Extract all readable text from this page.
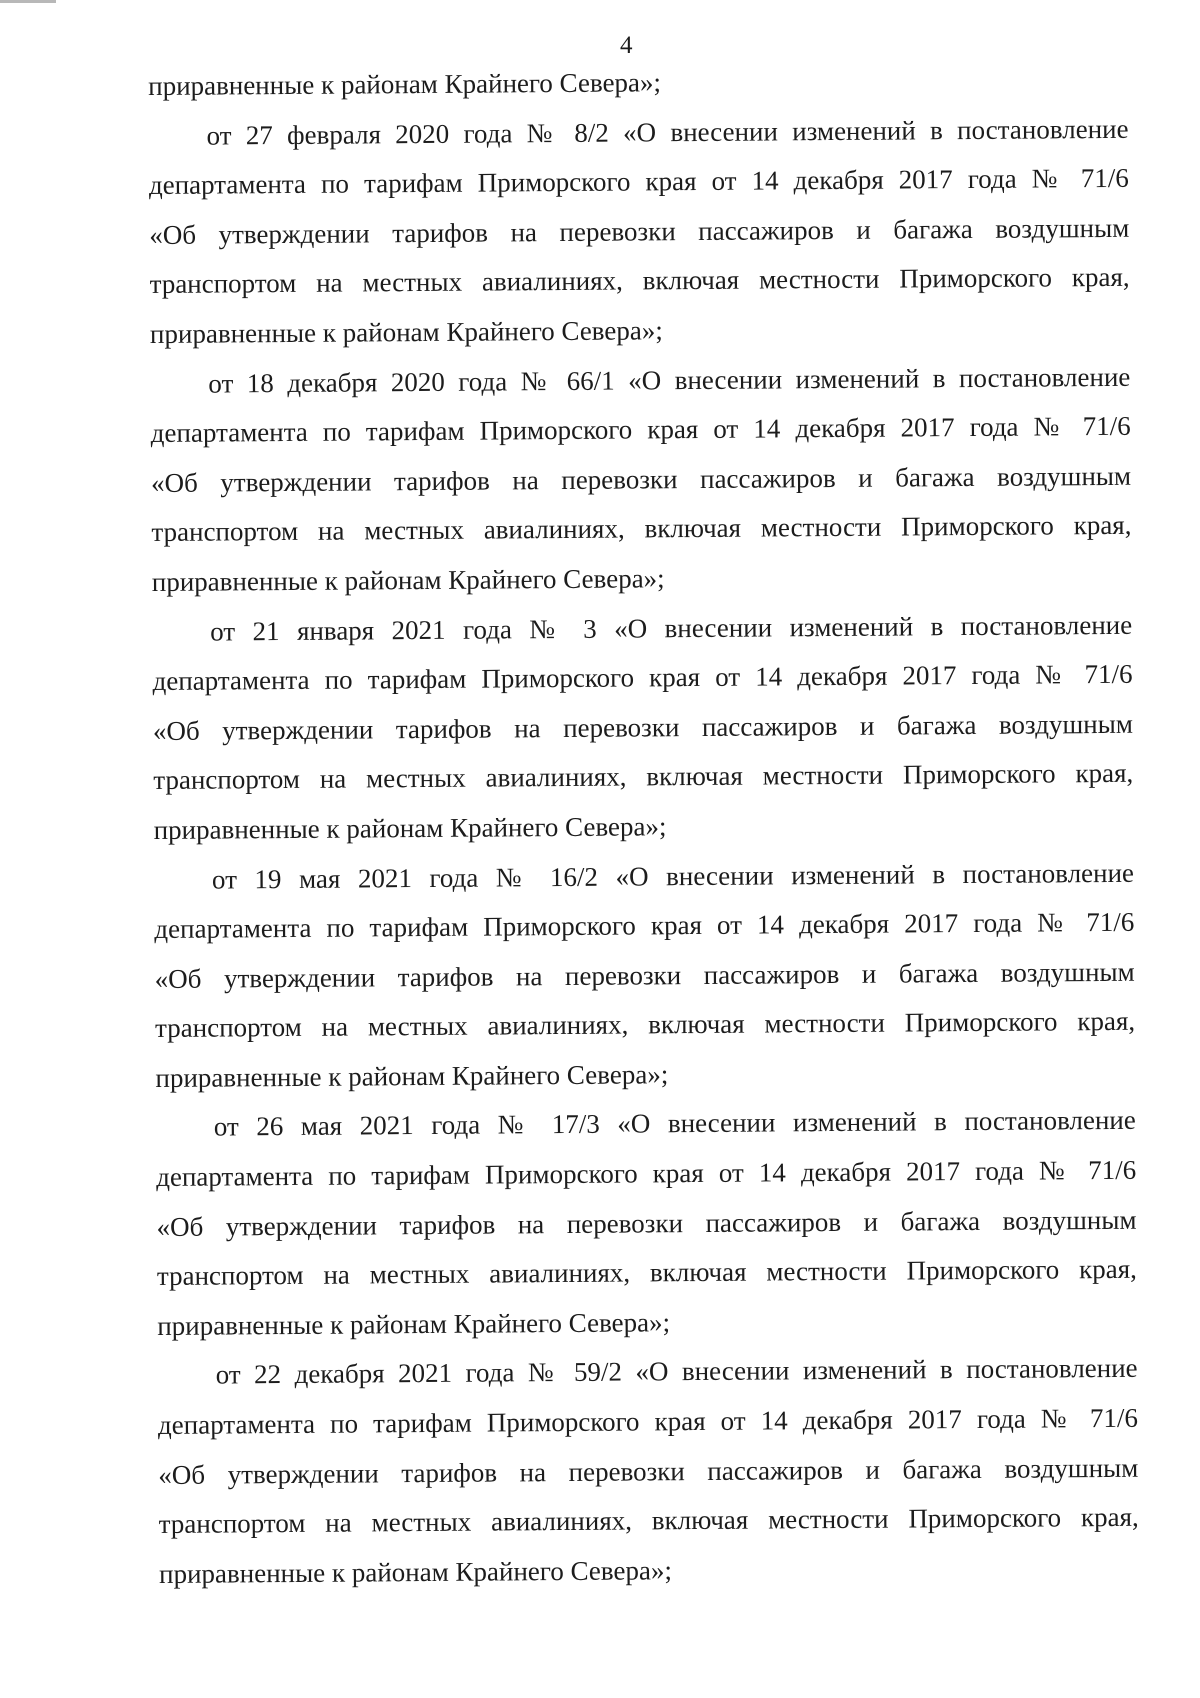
4
приравненные к районам Крайнего Севера»;
от 27 февраля 2020 года № 8/2 «О внесении изменений в постановление
департамента по тарифам Приморского края от 14 декабря 2017 года № 71/6
«Об утверждении тарифов на перевозки пассажиров и багажа воздушным
транспортом на местных авиалиниях, включая местности Приморского края,
приравненные к районам Крайнего Севера»;
от 18 декабря 2020 года № 66/1 «О внесении изменений в постановление
департамента по тарифам Приморского края от 14 декабря 2017 года № 71/6
«Об утверждении тарифов на перевозки пассажиров и багажа воздушным
транспортом на местных авиалиниях, включая местности Приморского края,
приравненные к районам Крайнего Севера»;
от 21 января 2021 года № 3 «О внесении изменений в постановление
департамента по тарифам Приморского края от 14 декабря 2017 года № 71/6
«Об утверждении тарифов на перевозки пассажиров и багажа воздушным
транспортом на местных авиалиниях, включая местности Приморского края,
приравненные к районам Крайнего Севера»;
от 19 мая 2021 года № 16/2 «О внесении изменений в постановление
департамента по тарифам Приморского края от 14 декабря 2017 года № 71/6
«Об утверждении тарифов на перевозки пассажиров и багажа воздушным
транспортом на местных авиалиниях, включая местности Приморского края,
приравненные к районам Крайнего Севера»;
от 26 мая 2021 года № 17/3 «О внесении изменений в постановление
департамента по тарифам Приморского края от 14 декабря 2017 года № 71/6
«Об утверждении тарифов на перевозки пассажиров и багажа воздушным
транспортом на местных авиалиниях, включая местности Приморского края,
приравненные к районам Крайнего Севера»;
от 22 декабря 2021 года № 59/2 «О внесении изменений в постановление
департамента по тарифам Приморского края от 14 декабря 2017 года № 71/6
«Об утверждении тарифов на перевозки пассажиров и багажа воздушным
транспортом на местных авиалиниях, включая местности Приморского края,
приравненные к районам Крайнего Севера»;
